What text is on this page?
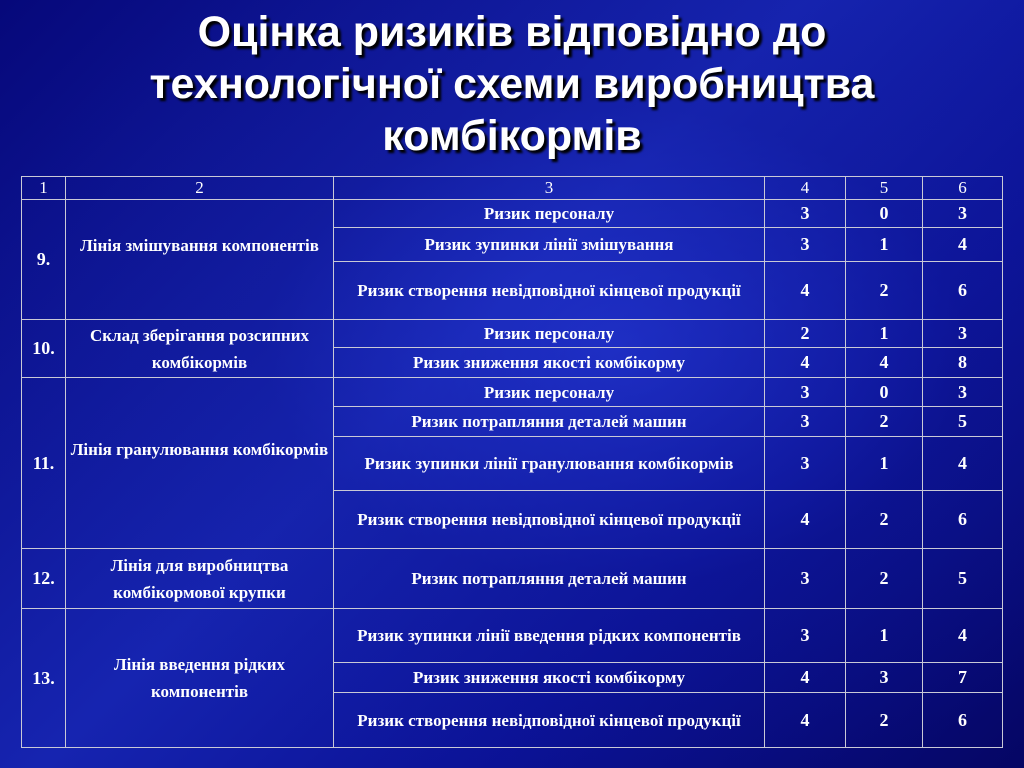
Оцінка ризиків відповідно до
технологічної схеми виробництва
комбікормів
1	2	3	4	5	6
9.	Лінія змішування компонентів	Ризик персоналу	3	0	3
		Ризик зупинки лінії змішування	3	1	4
		Ризик створення невідповідної кінцевої продукції	4	2	6
10.	Склад зберігання розсипних комбікормів	Ризик персоналу	2	1	3
		Ризик зниження якості комбікорму	4	4	8
11.	Лінія гранулювання комбікормів	Ризик персоналу	3	0	3
		Ризик потрапляння деталей машин	3	2	5
		Ризик зупинки лінії гранулювання комбікормів	3	1	4
		Ризик створення невідповідної кінцевої продукції	4	2	6
12.	Лінія для виробництва комбікормової крупки	Ризик потрапляння деталей машин	3	2	5
13.	Лінія введення рідких компонентів	Ризик зупинки лінії введення рідких компонентів	3	1	4
		Ризик зниження якості комбікорму	4	3	7
		Ризик створення невідповідної кінцевої продукції	4	2	6
